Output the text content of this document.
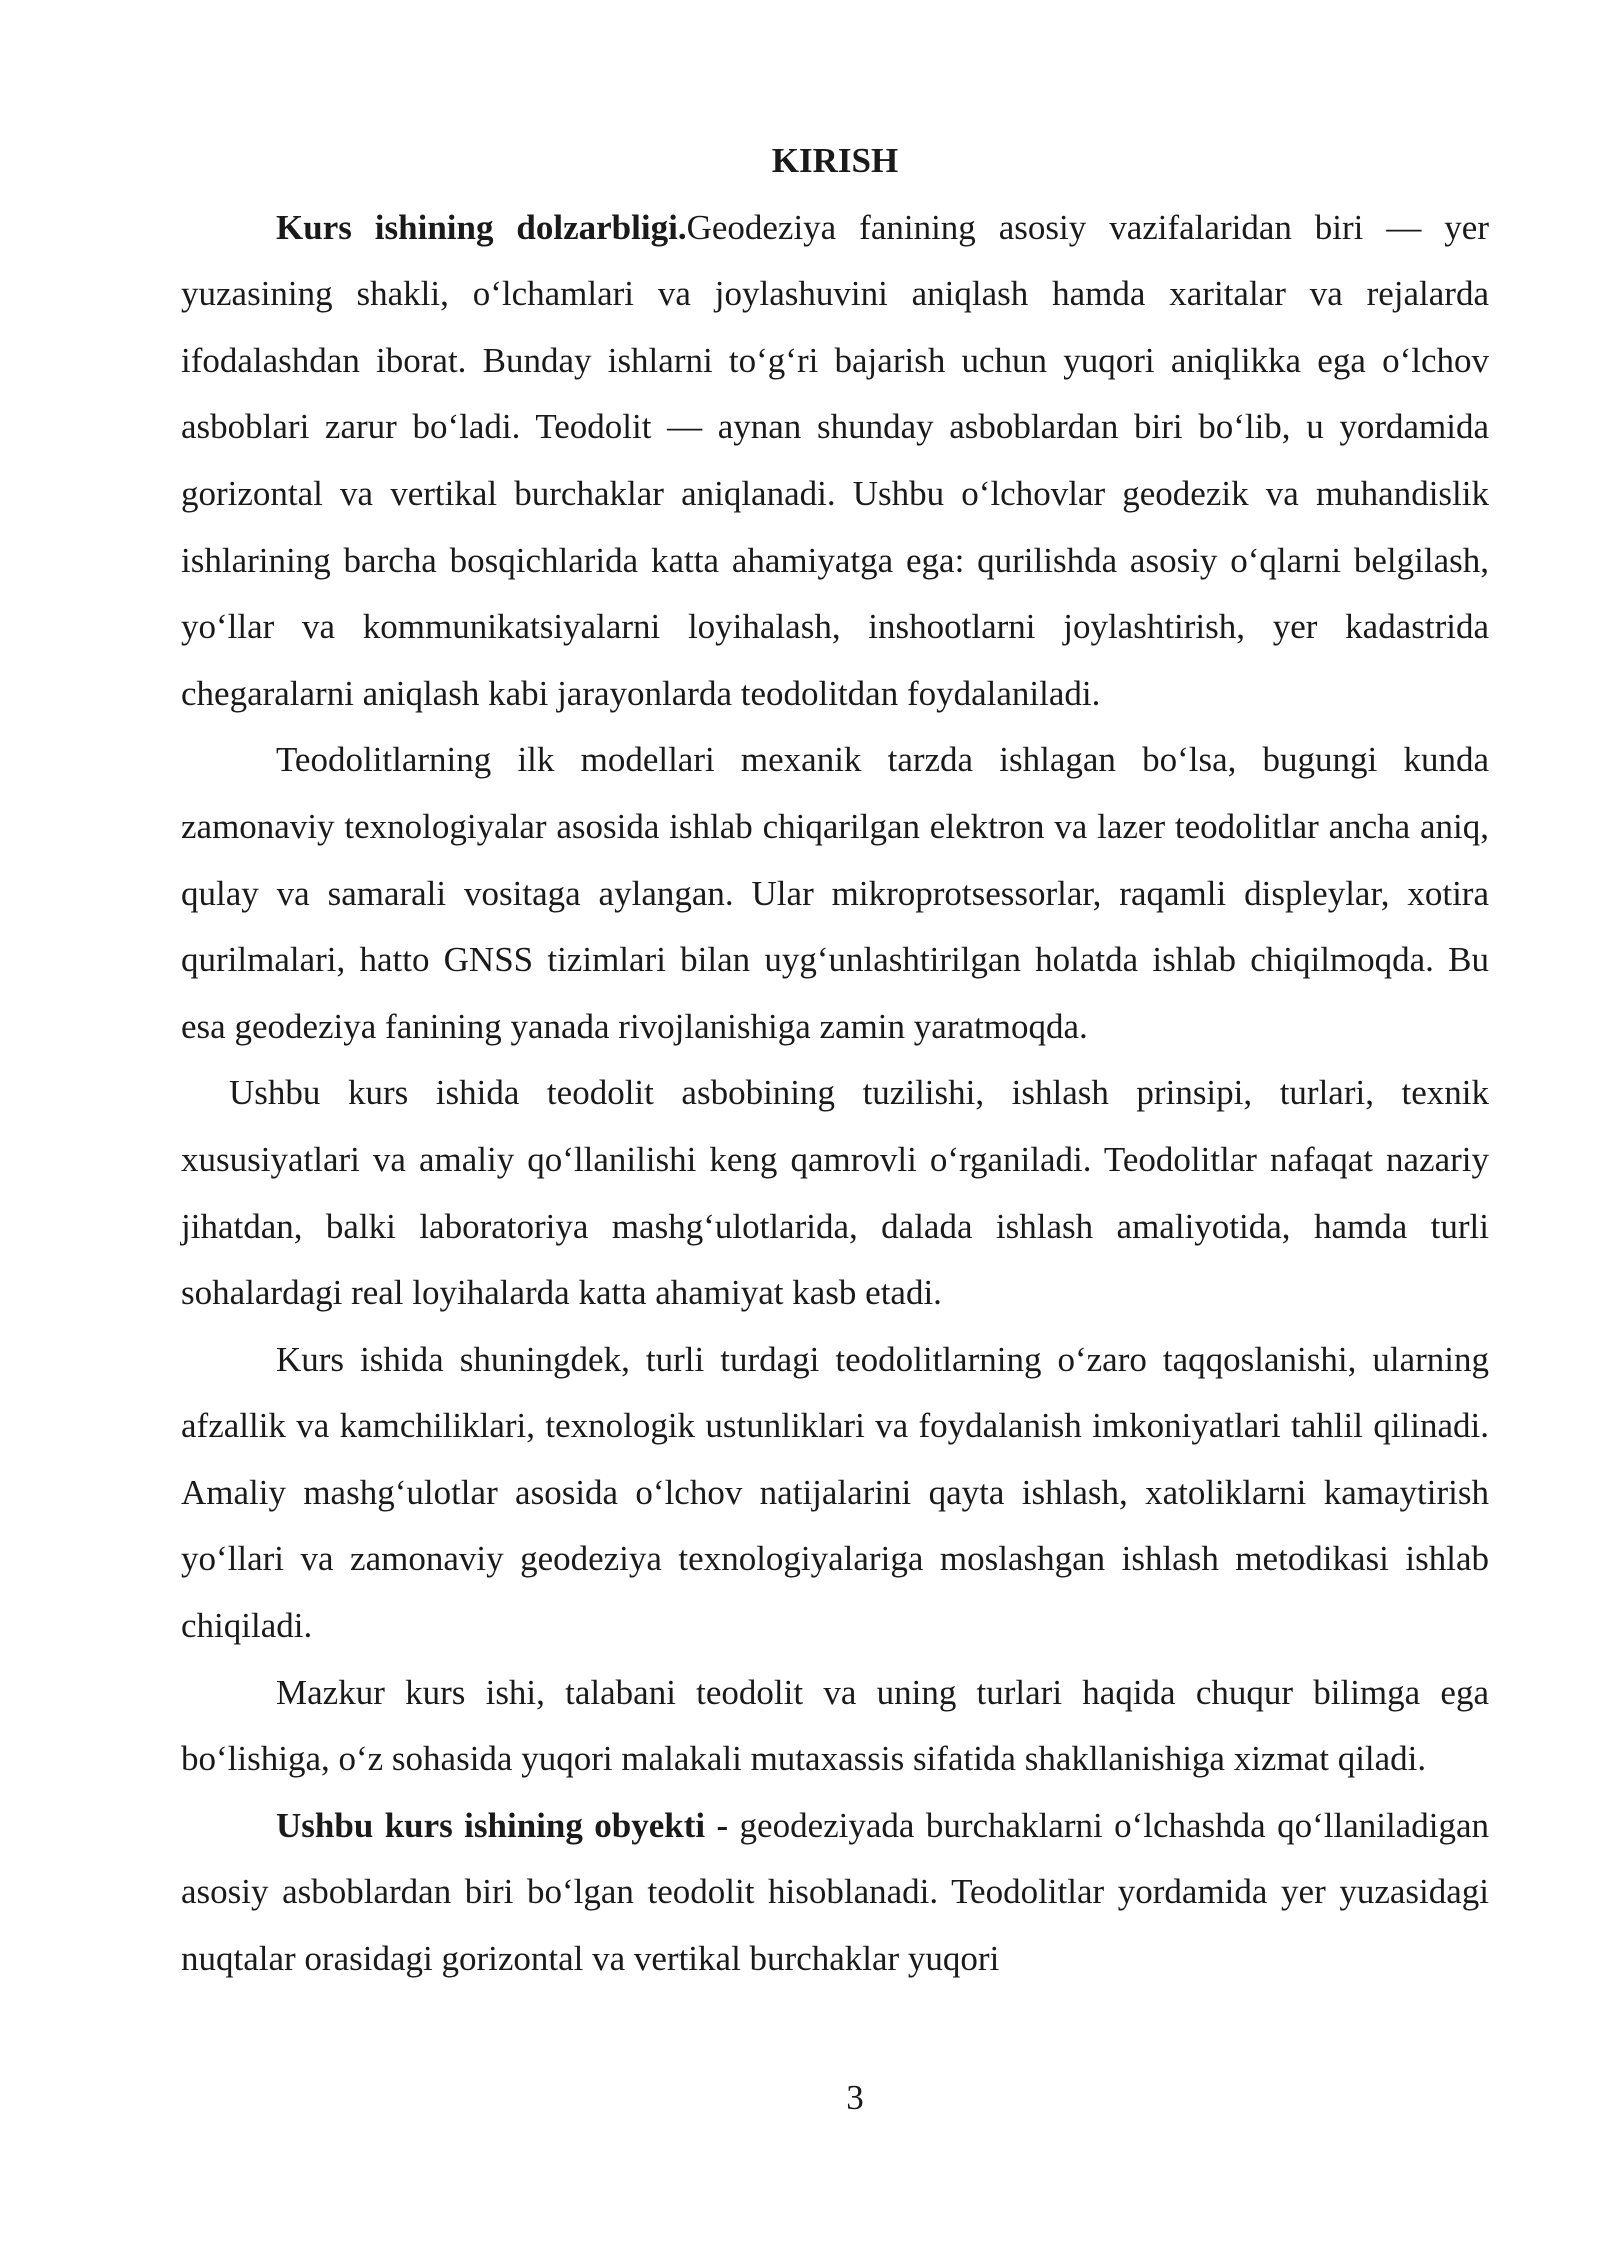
KIRISH

Kurs ishining dolzarbligi.Geodeziya fanining asosiy vazifalaridan biri — yer yuzasining shakli, o‘lchamlari va joylashuvini aniqlash hamda xaritalar va rejalarda ifodalashdan iborat. Bunday ishlarni to‘g‘ri bajarish uchun yuqori aniqlikka ega o‘lchov asboblari zarur bo‘ladi. Teodolit — aynan shunday asboblardan biri bo‘lib, u yordamida gorizontal va vertikal burchaklar aniqlanadi. Ushbu o‘lchovlar geodezik va muhandislik ishlarining barcha bosqichlarida katta ahamiyatga ega: qurilishda asosiy o‘qlarni belgilash, yo‘llar va kommunikatsiyalarni loyihalash, inshootlarni joylashtirish, yer kadastrida chegaralarni aniqlash kabi jarayonlarda teodolitdan foydalaniladi.

Teodolitlarning ilk modellari mexanik tarzda ishlagan bo‘lsa, bugungi kunda zamonaviy texnologiyalar asosida ishlab chiqarilgan elektron va lazer teodolitlar ancha aniq, qulay va samarali vositaga aylangan. Ular mikroprotsessorlar, raqamli displeylar, xotira qurilmalari, hatto GNSS tizimlari bilan uyg‘unlashtirilgan holatda ishlab chiqilmoqda. Bu esa geodeziya fanining yanada rivojlanishiga zamin yaratmoqda.

Ushbu kurs ishida teodolit asbobining tuzilishi, ishlash prinsipi, turlari, texnik xususiyatlari va amaliy qo‘llanilishi keng qamrovli o‘rganiladi. Teodolitlar nafaqat nazariy jihatdan, balki laboratoriya mashg‘ulotlarida, dalada ishlash amaliyotida, hamda turli sohalardagi real loyihalarda katta ahamiyat kasb etadi.

Kurs ishida shuningdek, turli turdagi teodolitlarning o‘zaro taqqoslanishi, ularning afzallik va kamchiliklari, texnologik ustunliklari va foydalanish imkoniyatlari tahlil qilinadi. Amaliy mashg‘ulotlar asosida o‘lchov natijalarini qayta ishlash, xatoliklarni kamaytirish yo‘llari va zamonaviy geodeziya texnologiyalariga moslashgan ishlash metodikasi ishlab chiqiladi.

Mazkur kurs ishi, talabani teodolit va uning turlari haqida chuqur bilimga ega bo‘lishiga, o‘z sohasida yuqori malakali mutaxassis sifatida shakllanishiga xizmat qiladi.

Ushbu kurs ishining obyekti - geodeziyada burchaklarni o‘lchashda qo‘llaniladigan asosiy asboblardan biri bo‘lgan teodolit hisoblanadi. Teodolitlar yordamida yer yuzasidagi nuqtalar orasidagi gorizontal va vertikal burchaklar yuqori

3
